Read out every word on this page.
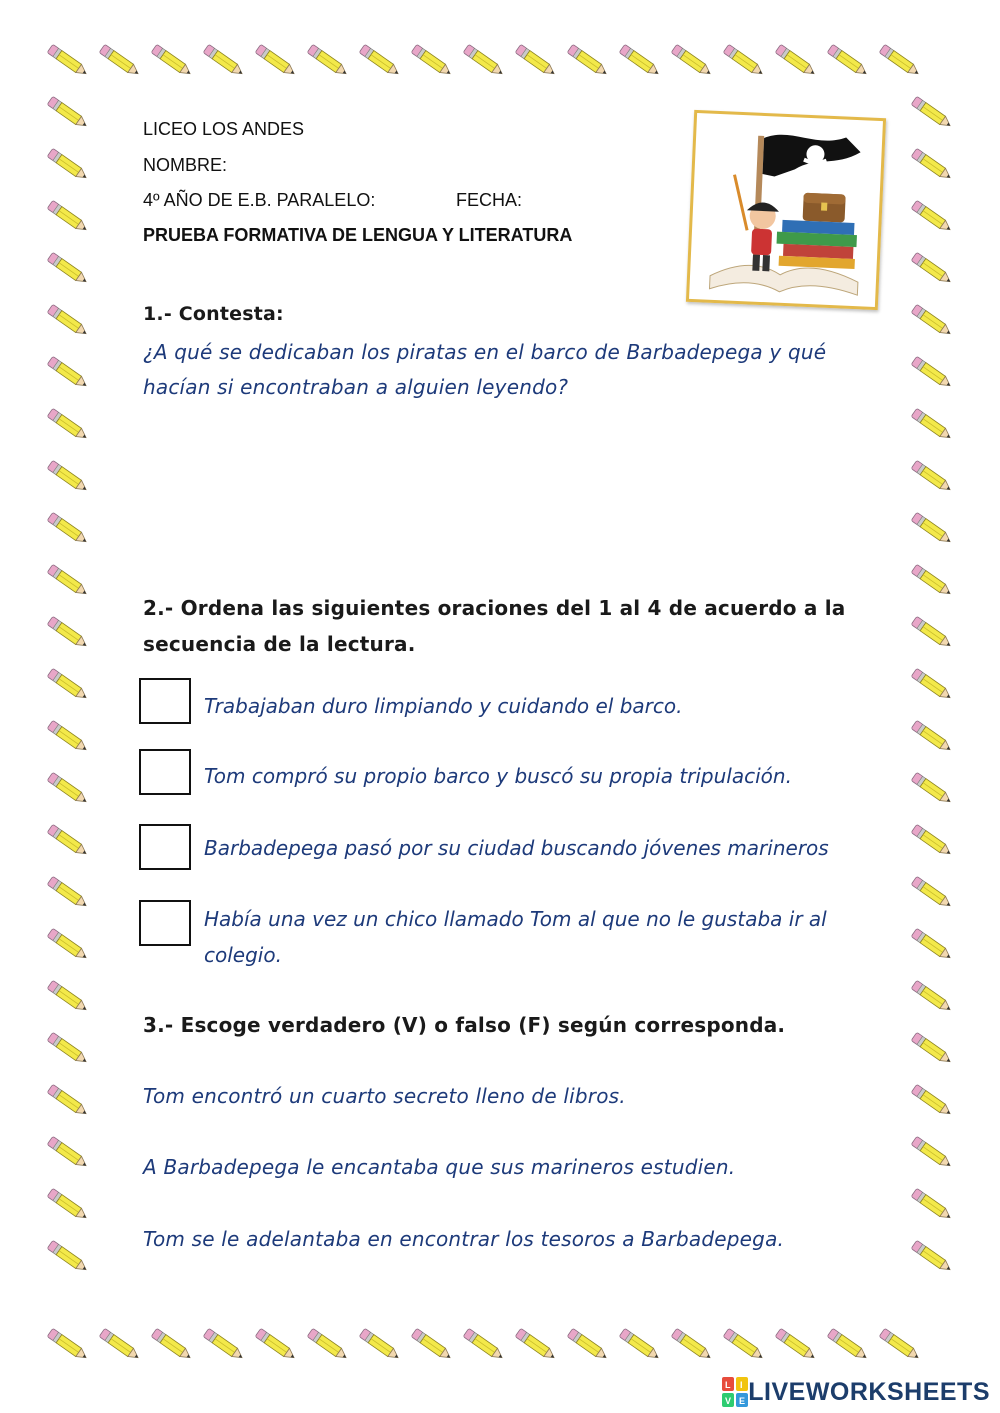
LICEO LOS ANDES
NOMBRE:
4º AÑO DE E.B. PARALELO:	FECHA:
PRUEBA FORMATIVA DE LENGUA Y LITERATURA
1.- Contesta:
¿A qué se dedicaban los piratas en el barco de Barbadepega y qué
hacían si encontraban a alguien leyendo?
2.- Ordena las siguientes oraciones del 1 al 4 de acuerdo a la
secuencia de la lectura.
Trabajaban duro limpiando y cuidando el barco.
Tom compró su propio barco y buscó su propia tripulación.
Barbadepega pasó por su ciudad buscando jóvenes marineros
Había una vez un chico llamado Tom al que no le gustaba ir al
colegio.
3.- Escoge verdadero (V) o falso (F) según corresponda.
Tom encontró un cuarto secreto lleno de libros.
A Barbadepega le encantaba que sus marineros estudien.
Tom se le adelantaba en encontrar los tesoros a Barbadepega.
L I
V E LIVEWORKSHEETS
